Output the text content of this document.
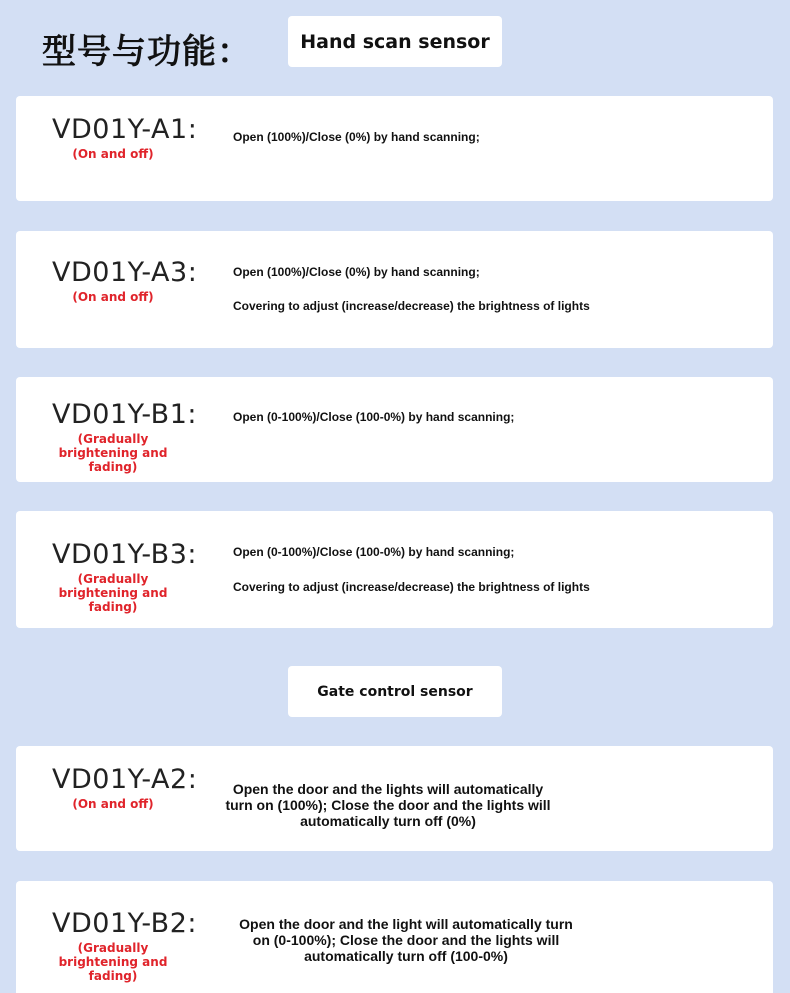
型号与功能：	Hand scan sensor
VD01Y-A1:
(On and off)
Open (100%)/Close (0%) by hand scanning;
VD01Y-A3:
(On and off)
Open (100%)/Close (0%) by hand scanning;
Covering to adjust (increase/decrease) the brightness of lights
VD01Y-B1:
(Gradually brightening and fading)
Open (0-100%)/Close (100-0%) by hand scanning;
VD01Y-B3:
(Gradually brightening and fading)
Open (0-100%)/Close (100-0%) by hand scanning;
Covering to adjust (increase/decrease) the brightness of lights
Gate control sensor
VD01Y-A2:
(On and off)
Open the door and the lights will automatically turn on (100%); Close the door and the lights will automatically turn off (0%)
VD01Y-B2:
(Gradually brightening and fading)
Open the door and the light will automatically turn on (0-100%); Close the door and the lights will automatically turn off (100-0%)
